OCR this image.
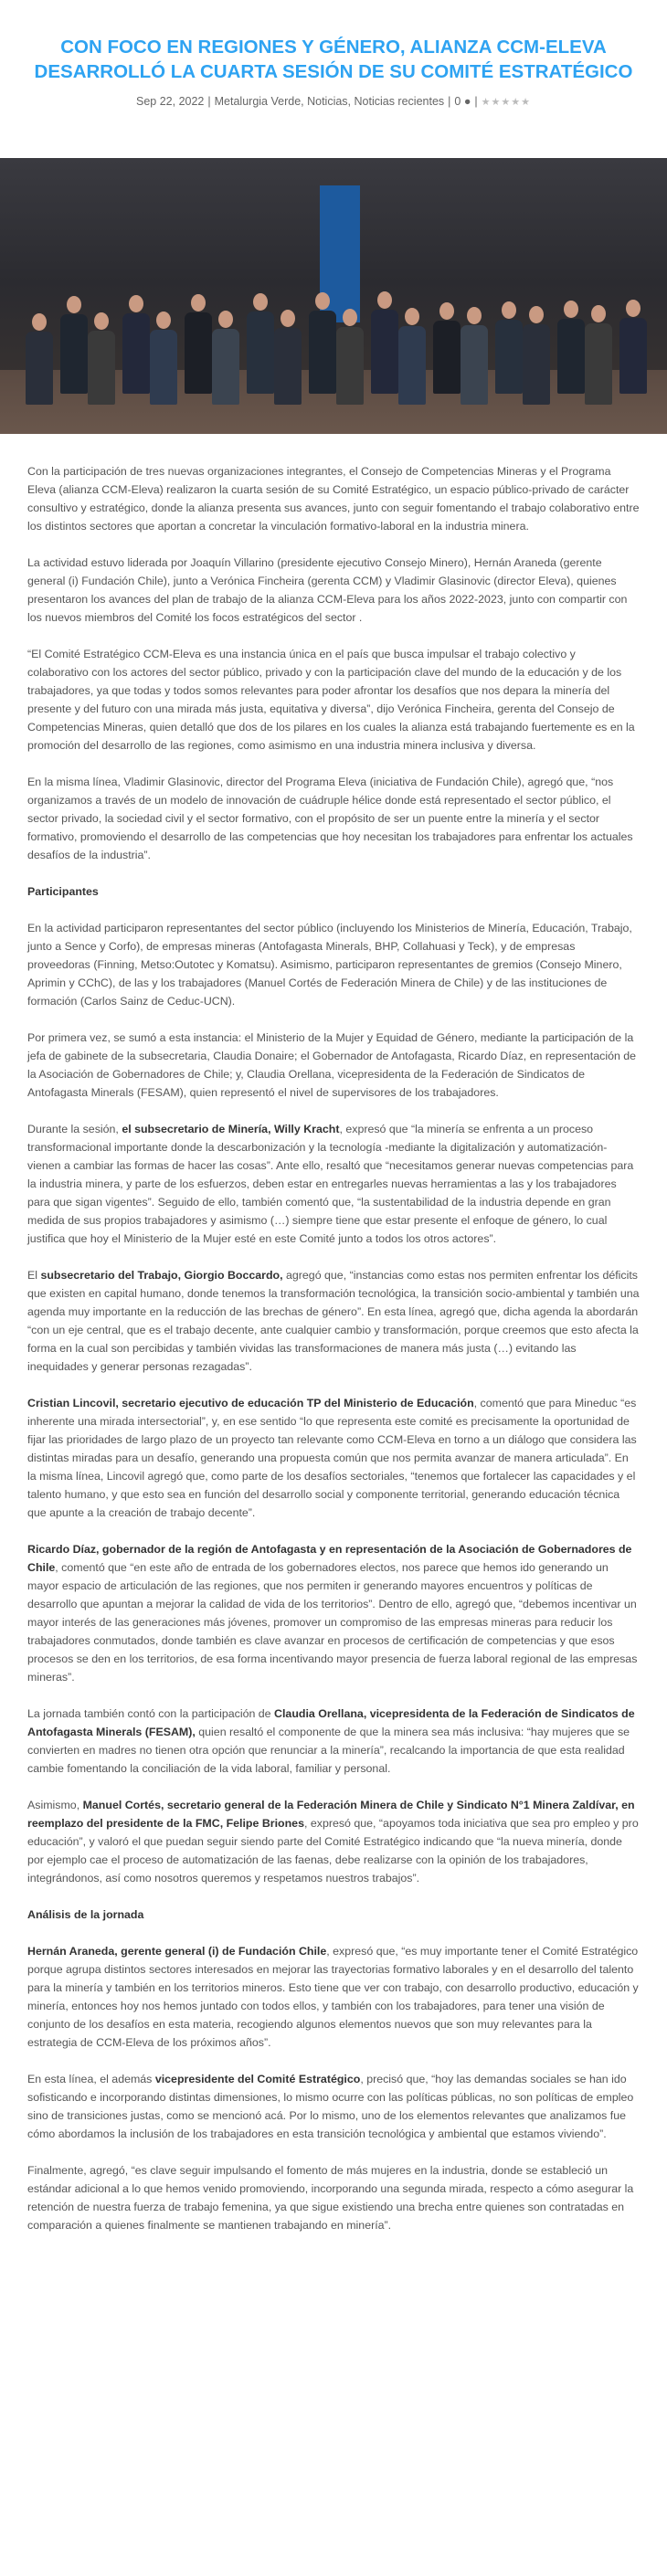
CON FOCO EN REGIONES Y GÉNERO, ALIANZA CCM-ELEVA DESARROLLÓ LA CUARTA SESIÓN DE SU COMITÉ ESTRATÉGICO
Sep 22, 2022 | Metalurgia Verde, Noticias, Noticias recientes | 0 ● | ★★★★★

Con la participación de tres nuevas organizaciones integrantes, el Consejo de Competencias Mineras y el Programa Eleva (alianza CCM-Eleva) realizaron la cuarta sesión de su Comité Estratégico, un espacio público-privado de carácter consultivo y estratégico, donde la alianza presenta sus avances, junto con seguir fomentando el trabajo colaborativo entre los distintos sectores que aportan a concretar la vinculación formativo-laboral en la industria minera.

La actividad estuvo liderada por Joaquín Villarino (presidente ejecutivo Consejo Minero), Hernán Araneda (gerente general (i) Fundación Chile), junto a Verónica Fincheira (gerenta CCM) y Vladimir Glasinovic (director Eleva), quienes presentaron los avances del plan de trabajo de la alianza CCM-Eleva para los años 2022-2023, junto con compartir con los nuevos miembros del Comité los focos estratégicos del sector .

“El Comité Estratégico CCM-Eleva es una instancia única en el país que busca impulsar el trabajo colectivo y colaborativo con los actores del sector público, privado y con la participación clave del mundo de la educación y de los trabajadores, ya que todas y todos somos relevantes para poder afrontar los desafíos que nos depara la minería del presente y del futuro con una mirada más justa, equitativa y diversa”, dijo Verónica Fincheira, gerenta del Consejo de Competencias Mineras, quien detalló que dos de los pilares en los cuales la alianza está trabajando fuertemente es en la promoción del desarrollo de las regiones, como asimismo en una industria minera inclusiva y diversa.

En la misma línea, Vladimir Glasinovic, director del Programa Eleva (iniciativa de Fundación Chile), agregó que, “nos organizamos a través de un modelo de innovación de cuádruple hélice donde está representado el sector público, el sector privado, la sociedad civil y el sector formativo, con el propósito de ser un puente entre la minería y el sector formativo, promoviendo el desarrollo de las competencias que hoy necesitan los trabajadores para enfrentar los actuales desafíos de la industria”.

Participantes

En la actividad participaron representantes del sector público (incluyendo los Ministerios de Minería, Educación, Trabajo, junto a Sence y Corfo), de empresas mineras (Antofagasta Minerals, BHP, Collahuasi y Teck), y de empresas proveedoras (Finning, Metso:Outotec y Komatsu). Asimismo, participaron representantes de gremios (Consejo Minero, Aprimin y CChC), de las y los trabajadores (Manuel Cortés de Federación Minera de Chile) y de las instituciones de formación (Carlos Sainz de Ceduc-UCN).

Por primera vez, se sumó a esta instancia: el Ministerio de la Mujer y Equidad de Género, mediante la participación de la jefa de gabinete de la subsecretaria, Claudia Donaire; el Gobernador de Antofagasta, Ricardo Díaz, en representación de la Asociación de Gobernadores de Chile; y, Claudia Orellana, vicepresidenta de la Federación de Sindicatos de Antofagasta Minerals (FESAM), quien representó el nivel de supervisores de los trabajadores.

Durante la sesión, el subsecretario de Minería, Willy Kracht, expresó que “la minería se enfrenta a un proceso transformacional importante donde la descarbonización y la tecnología -mediante la digitalización y automatización- vienen a cambiar las formas de hacer las cosas”. Ante ello, resaltó que “necesitamos generar nuevas competencias para la industria minera, y parte de los esfuerzos, deben estar en entregarles nuevas herramientas a las y los trabajadores para que sigan vigentes”. Seguido de ello, también comentó que, “la sustentabilidad de la industria depende en gran medida de sus propios trabajadores y asimismo (…) siempre tiene que estar presente el enfoque de género, lo cual justifica que hoy el Ministerio de la Mujer esté en este Comité junto a todos los otros actores”.

El subsecretario del Trabajo, Giorgio Boccardo, agregó que, “instancias como estas nos permiten enfrentar los déficits que existen en capital humano, donde tenemos la transformación tecnológica, la transición socio-ambiental y también una agenda muy importante en la reducción de las brechas de género”. En esta línea, agregó que, dicha agenda la abordarán “con un eje central, que es el trabajo decente, ante cualquier cambio y transformación, porque creemos que esto afecta la forma en la cual son percibidas y también vividas las transformaciones de manera más justa (…) evitando las inequidades y generar personas rezagadas”.

Cristian Lincovil, secretario ejecutivo de educación TP del Ministerio de Educación, comentó que para Mineduc “es inherente una mirada intersectorial”, y, en ese sentido “lo que representa este comité es precisamente la oportunidad de fijar las prioridades de largo plazo de un proyecto tan relevante como CCM-Eleva en torno a un diálogo que considera las distintas miradas para un desafío, generando una propuesta común que nos permita avanzar de manera articulada”. En la misma línea, Lincovil agregó que, como parte de los desafíos sectoriales, “tenemos que fortalecer las capacidades y el talento humano, y que esto sea en función del desarrollo social y componente territorial, generando educación técnica que apunte a la creación de trabajo decente”.

Ricardo Díaz, gobernador de la región de Antofagasta y en representación de la Asociación de Gobernadores de Chile, comentó que “en este año de entrada de los gobernadores electos, nos parece que hemos ido generando un mayor espacio de articulación de las regiones, que nos permiten ir generando mayores encuentros y políticas de desarrollo que apuntan a mejorar la calidad de vida de los territorios”. Dentro de ello, agregó que, “debemos incentivar un mayor interés de las generaciones más jóvenes, promover un compromiso de las empresas mineras para reducir los trabajadores conmutados, donde también es clave avanzar en procesos de certificación de competencias y que esos procesos se den en los territorios, de esa forma incentivando mayor presencia de fuerza laboral regional de las empresas mineras”.

La jornada también contó con la participación de Claudia Orellana, vicepresidenta de la Federación de Sindicatos de Antofagasta Minerals (FESAM), quien resaltó el componente de que la minera sea más inclusiva: “hay mujeres que se convierten en madres no tienen otra opción que renunciar a la minería”, recalcando la importancia de que esta realidad cambie fomentando la conciliación de la vida laboral, familiar y personal.

Asimismo, Manuel Cortés, secretario general de la Federación Minera de Chile y Sindicato N°1 Minera Zaldívar, en reemplazo del presidente de la FMC, Felipe Briones, expresó que, “apoyamos toda iniciativa que sea pro empleo y pro educación”, y valoró el que puedan seguir siendo parte del Comité Estratégico indicando que “la nueva minería, donde por ejemplo cae el proceso de automatización de las faenas, debe realizarse con la opinión de los trabajadores, integrándonos, así como nosotros queremos y respetamos nuestros trabajos”.

Análisis de la jornada

Hernán Araneda, gerente general (i) de Fundación Chile, expresó que, “es muy importante tener el Comité Estratégico porque agrupa distintos sectores interesados en mejorar las trayectorias formativo laborales y en el desarrollo del talento para la minería y también en los territorios mineros. Esto tiene que ver con trabajo, con desarrollo productivo, educación y minería, entonces hoy nos hemos juntado con todos ellos, y también con los trabajadores, para tener una visión de conjunto de los desafíos en esta materia, recogiendo algunos elementos nuevos que son muy relevantes para la estrategia de CCM-Eleva de los próximos años”.

En esta línea, el además vicepresidente del Comité Estratégico, precisó que, “hoy las demandas sociales se han ido sofisticando e incorporando distintas dimensiones, lo mismo ocurre con las políticas públicas, no son políticas de empleo sino de transiciones justas, como se mencionó acá. Por lo mismo, uno de los elementos relevantes que analizamos fue cómo abordamos la inclusión de los trabajadores en esta transición tecnológica y ambiental que estamos viviendo”.

Finalmente, agregó, “es clave seguir impulsando el fomento de más mujeres en la industria, donde se estableció un estándar adicional a lo que hemos venido promoviendo, incorporando una segunda mirada, respecto a cómo asegurar la retención de nuestra fuerza de trabajo femenina, ya que sigue existiendo una brecha entre quienes son contratadas en comparación a quienes finalmente se mantienen trabajando en minería”.
